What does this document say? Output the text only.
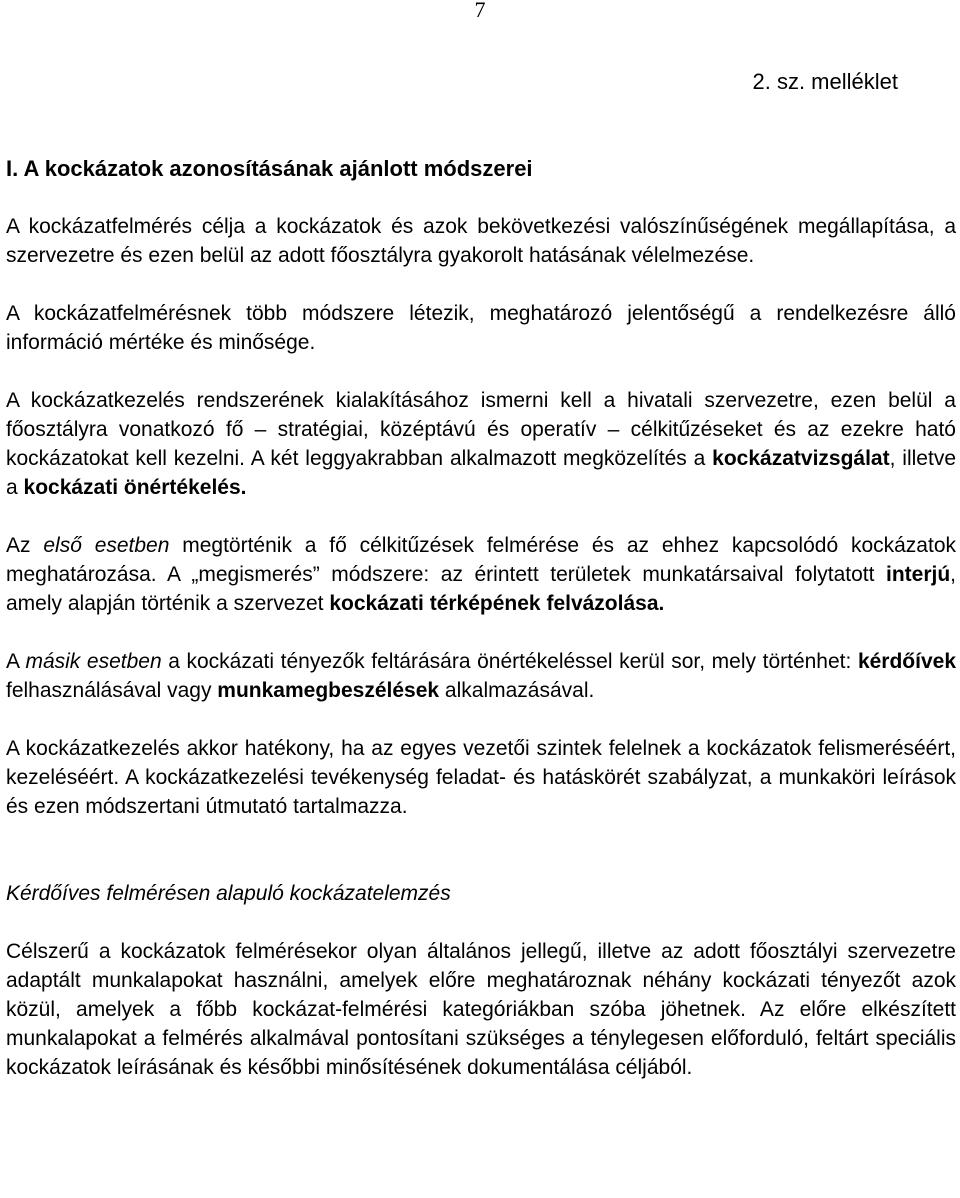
7
2. sz. melléklet
I. A kockázatok azonosításának ajánlott módszerei

A kockázatfelmérés célja a kockázatok és azok bekövetkezési valószínűségének megállapítása, a szervezetre és ezen belül az adott főosztályra gyakorolt hatásának vélelmezése.

A kockázatfelmérésnek több módszere létezik, meghatározó jelentőségű a rendelkezésre álló információ mértéke és minősége.

A kockázatkezelés rendszerének kialakításához ismerni kell a hivatali szervezetre, ezen belül a főosztályra vonatkozó fő – stratégiai, középtávú és operatív – célkitűzéseket és az ezekre ható kockázatokat kell kezelni. A két leggyakrabban alkalmazott megközelítés a kockázatvizsgálat, illetve a kockázati önértékelés.

Az első esetben megtörténik a fő célkitűzések felmérése és az ehhez kapcsolódó kockázatok meghatározása. A „megismerés” módszere: az érintett területek munkatársaival folytatott interjú, amely alapján történik a szervezet kockázati térképének felvázolása.

A másik esetben a kockázati tényezők feltárására önértékeléssel kerül sor, mely történhet: kérdőívek felhasználásával vagy munkamegbeszélések alkalmazásával.

A kockázatkezelés akkor hatékony, ha az egyes vezetői szintek felelnek a kockázatok felismeréséért, kezeléséért. A kockázatkezelési tevékenység feladat- és hatáskörét szabályzat, a munkaköri leírások és ezen módszertani útmutató tartalmazza.

Kérdőíves felmérésen alapuló kockázatelemzés

Célszerű a kockázatok felmérésekor olyan általános jellegű, illetve az adott főosztályi szervezetre adaptált munkalapokat használni, amelyek előre meghatároznak néhány kockázati tényezőt azok közül, amelyek a főbb kockázat-felmérési kategóriákban szóba jöhetnek. Az előre elkészített munkalapokat a felmérés alkalmával pontosítani szükséges a ténylegesen előforduló, feltárt speciális kockázatok leírásának és későbbi minősítésének dokumentálása céljából.
